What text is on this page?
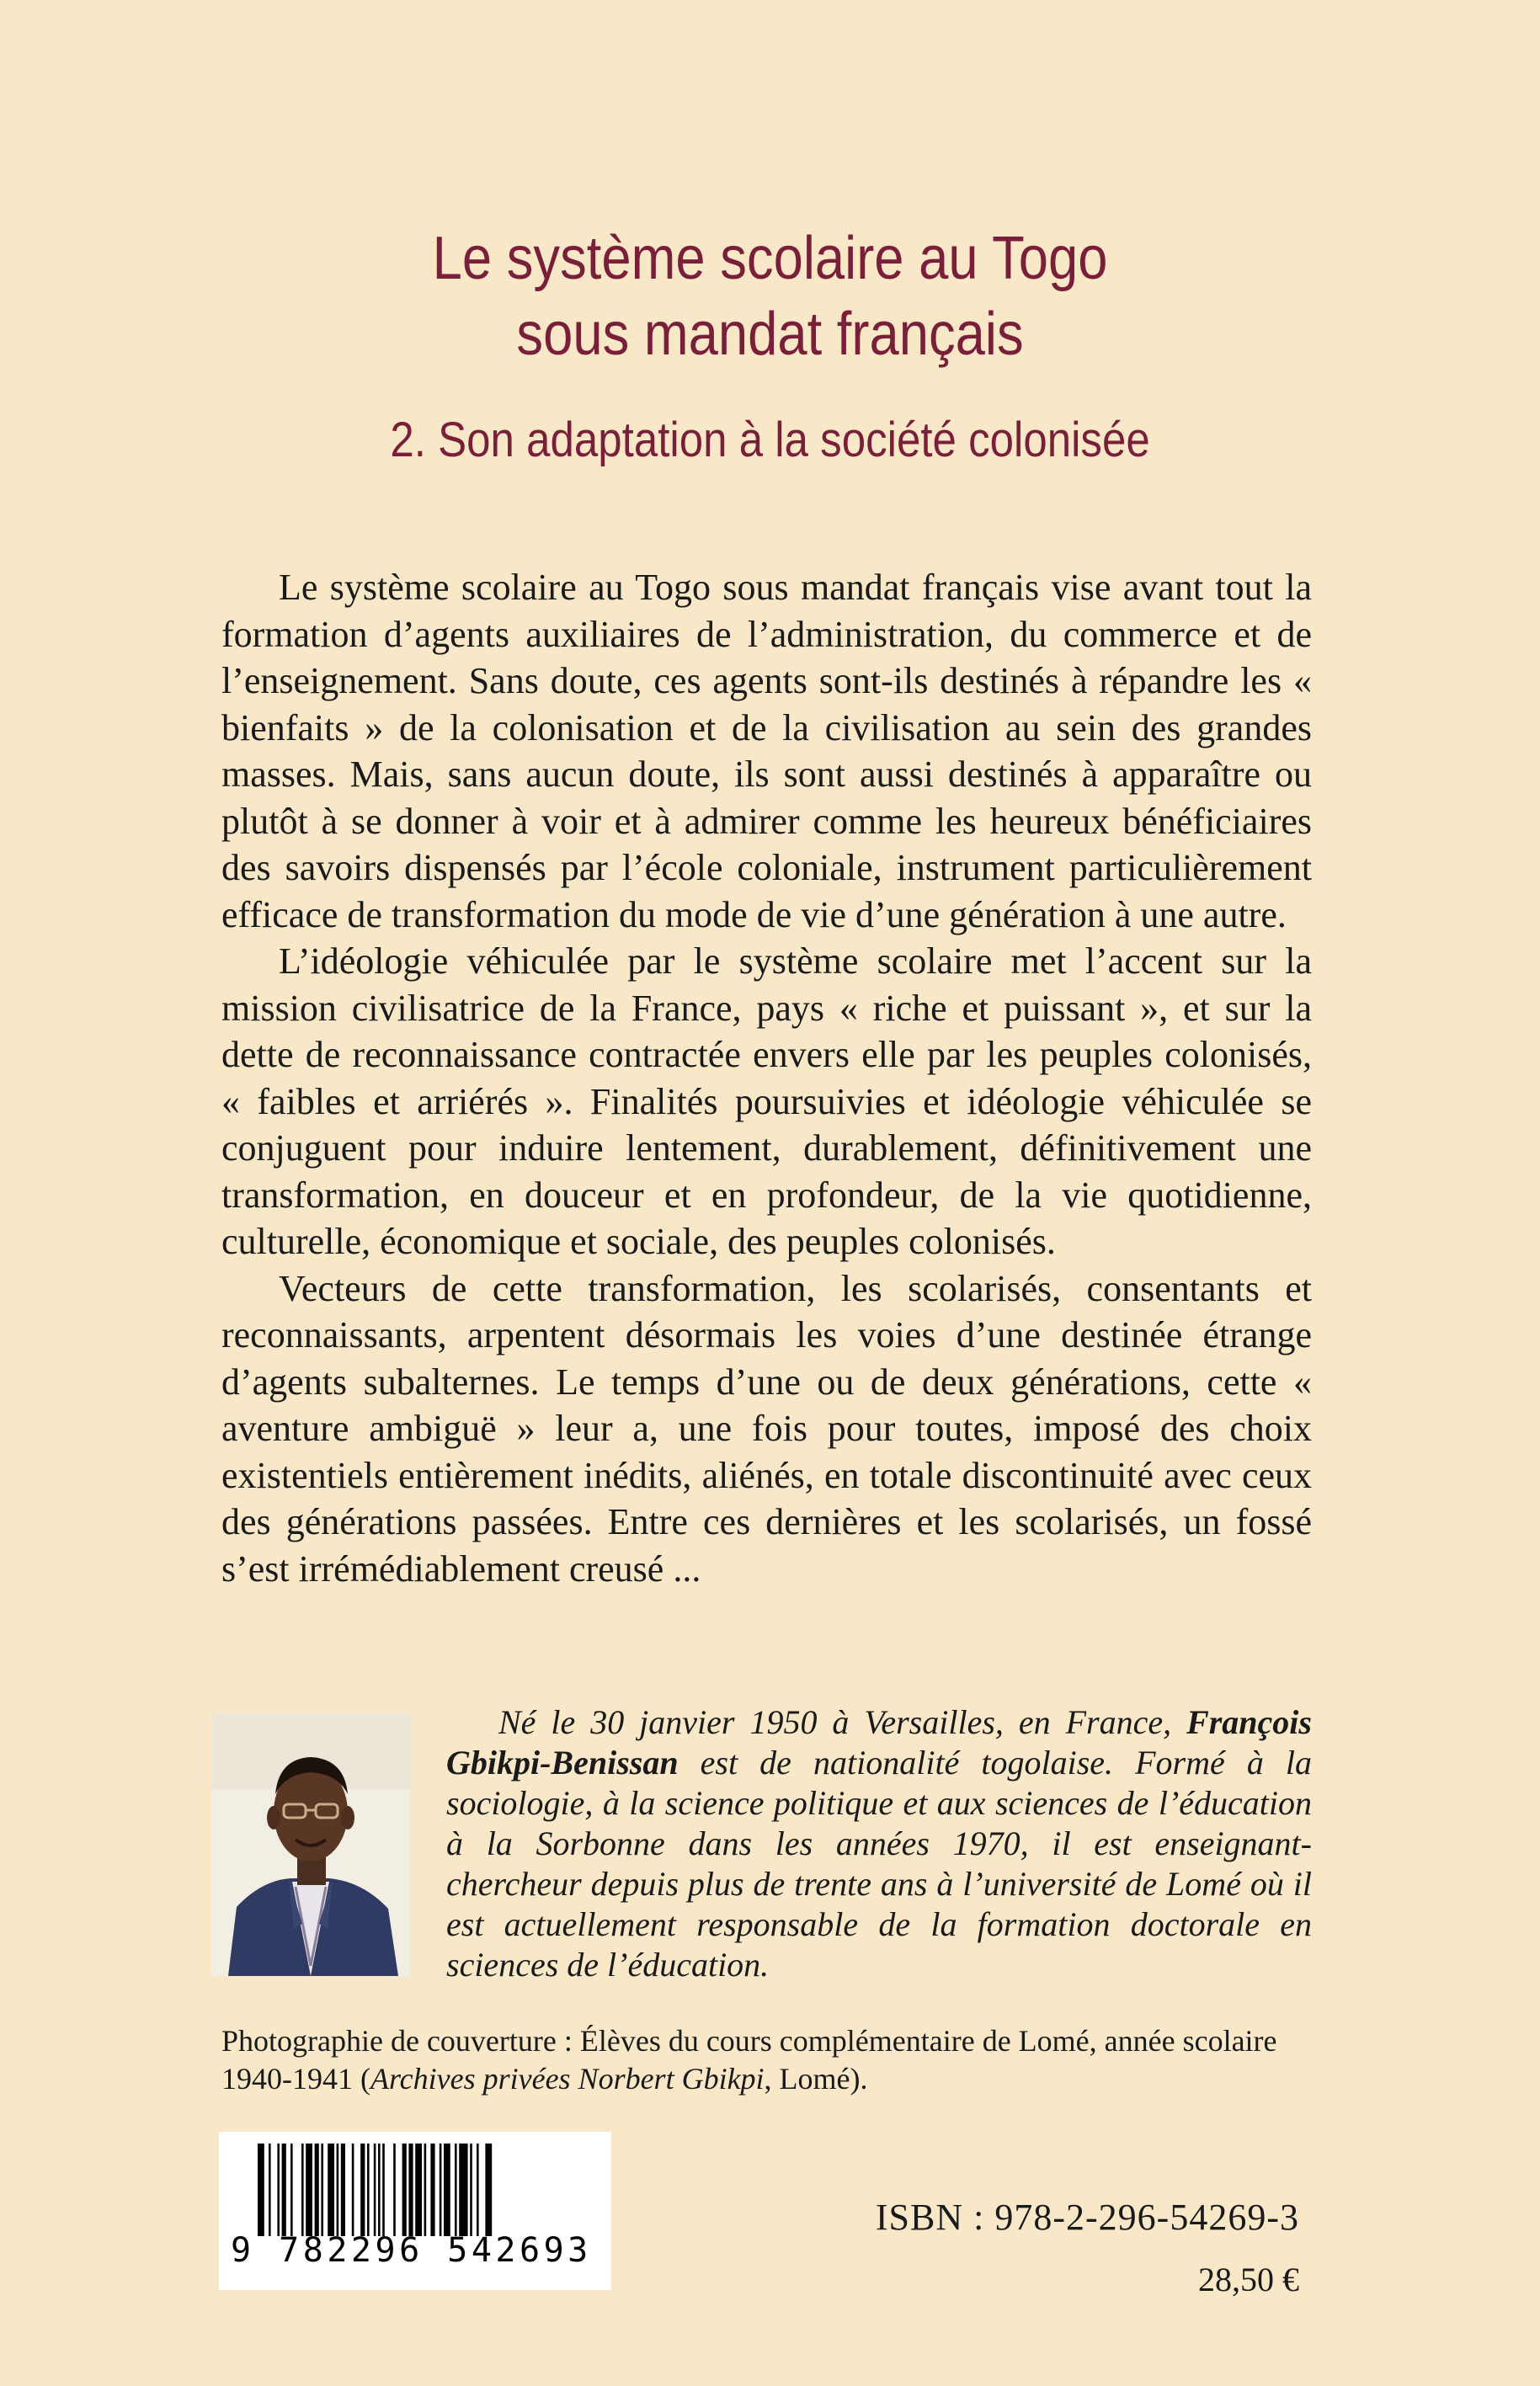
Le système scolaire au Togo
sous mandat français
2. Son adaptation à la société colonisée

Le système scolaire au Togo sous mandat français vise avant tout la formation d’agents auxiliaires de l’administration, du commerce et de l’enseignement. Sans doute, ces agents sont-ils destinés à répandre les « bienfaits » de la colonisation et de la civilisation au sein des grandes masses. Mais, sans aucun doute, ils sont aussi destinés à apparaître ou plutôt à se donner à voir et à admirer comme les heureux bénéficiaires des savoirs dispensés par l’école coloniale, instrument particulièrement efficace de transformation du mode de vie d’une génération à une autre.

L’idéologie véhiculée par le système scolaire met l’accent sur la mission civilisatrice de la France, pays « riche et puissant », et sur la dette de reconnaissance contractée envers elle par les peuples colonisés, « faibles et arriérés ». Finalités poursuivies et idéologie véhiculée se conjuguent pour induire lentement, durablement, définitivement une transformation, en douceur et en profondeur, de la vie quotidienne, culturelle, économique et sociale, des peuples colonisés.

Vecteurs de cette transformation, les scolarisés, consentants et reconnaissants, arpentent désormais les voies d’une destinée étrange d’agents subalternes. Le temps d’une ou de deux générations, cette « aventure ambiguë » leur a, une fois pour toutes, imposé des choix existentiels entièrement inédits, aliénés, en totale discontinuité avec ceux des générations passées. Entre ces dernières et les scolarisés, un fossé s’est irrémédiablement creusé ...

Né le 30 janvier 1950 à Versailles, en France, François Gbikpi-Benissan est de nationalité togolaise. Formé à la sociologie, à la science politique et aux sciences de l’éducation à la Sorbonne dans les années 1970, il est enseignant-chercheur depuis plus de trente ans à l’université de Lomé où il est actuellement responsable de la formation doctorale en sciences de l’éducation.

Photographie de couverture : Élèves du cours complémentaire de Lomé, année scolaire 1940-1941 (Archives privées Norbert Gbikpi, Lomé).
9 782296 542693
ISBN : 978-2-296-54269-3
28,50 €
